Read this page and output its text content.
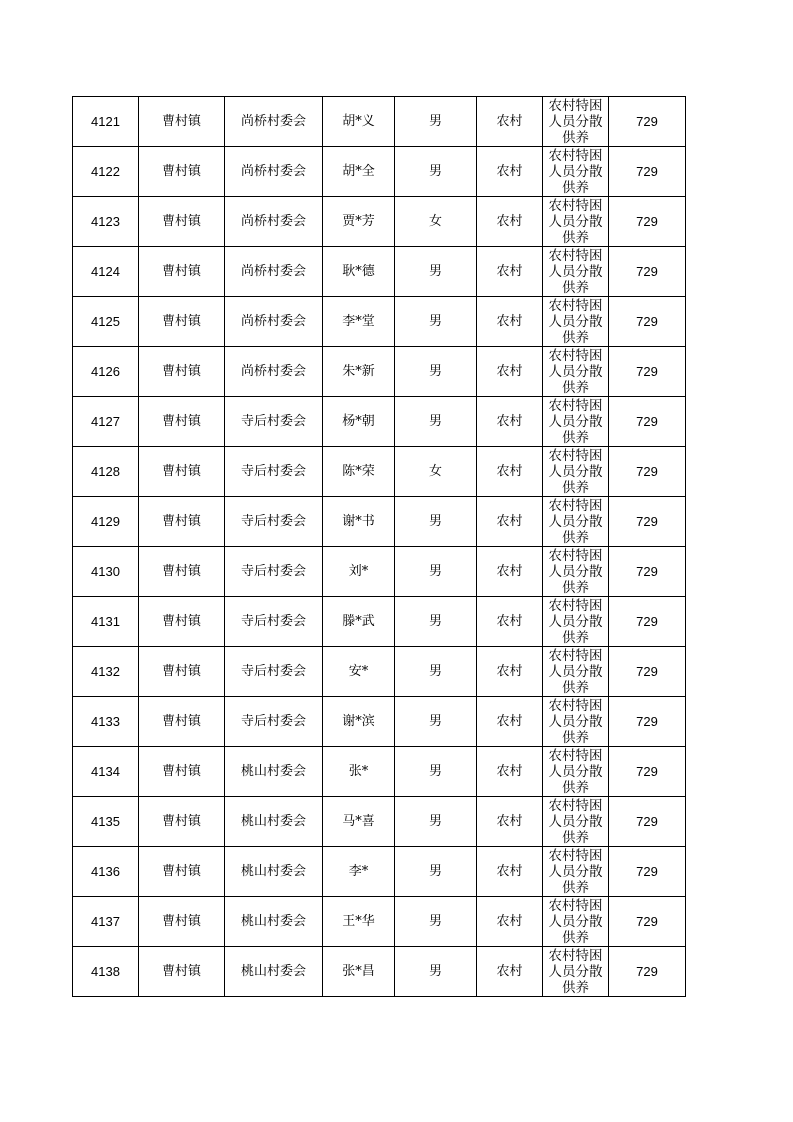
4121	曹村镇	尚桥村委会	胡*义	男	农村	农村特困人员分散供养	729
4122	曹村镇	尚桥村委会	胡*全	男	农村	农村特困人员分散供养	729
4123	曹村镇	尚桥村委会	贾*芳	女	农村	农村特困人员分散供养	729
4124	曹村镇	尚桥村委会	耿*德	男	农村	农村特困人员分散供养	729
4125	曹村镇	尚桥村委会	李*堂	男	农村	农村特困人员分散供养	729
4126	曹村镇	尚桥村委会	朱*新	男	农村	农村特困人员分散供养	729
4127	曹村镇	寺后村委会	杨*朝	男	农村	农村特困人员分散供养	729
4128	曹村镇	寺后村委会	陈*荣	女	农村	农村特困人员分散供养	729
4129	曹村镇	寺后村委会	谢*书	男	农村	农村特困人员分散供养	729
4130	曹村镇	寺后村委会	刘*	男	农村	农村特困人员分散供养	729
4131	曹村镇	寺后村委会	滕*武	男	农村	农村特困人员分散供养	729
4132	曹村镇	寺后村委会	安*	男	农村	农村特困人员分散供养	729
4133	曹村镇	寺后村委会	谢*滨	男	农村	农村特困人员分散供养	729
4134	曹村镇	桃山村委会	张*	男	农村	农村特困人员分散供养	729
4135	曹村镇	桃山村委会	马*喜	男	农村	农村特困人员分散供养	729
4136	曹村镇	桃山村委会	李*	男	农村	农村特困人员分散供养	729
4137	曹村镇	桃山村委会	王*华	男	农村	农村特困人员分散供养	729
4138	曹村镇	桃山村委会	张*昌	男	农村	农村特困人员分散供养	729
